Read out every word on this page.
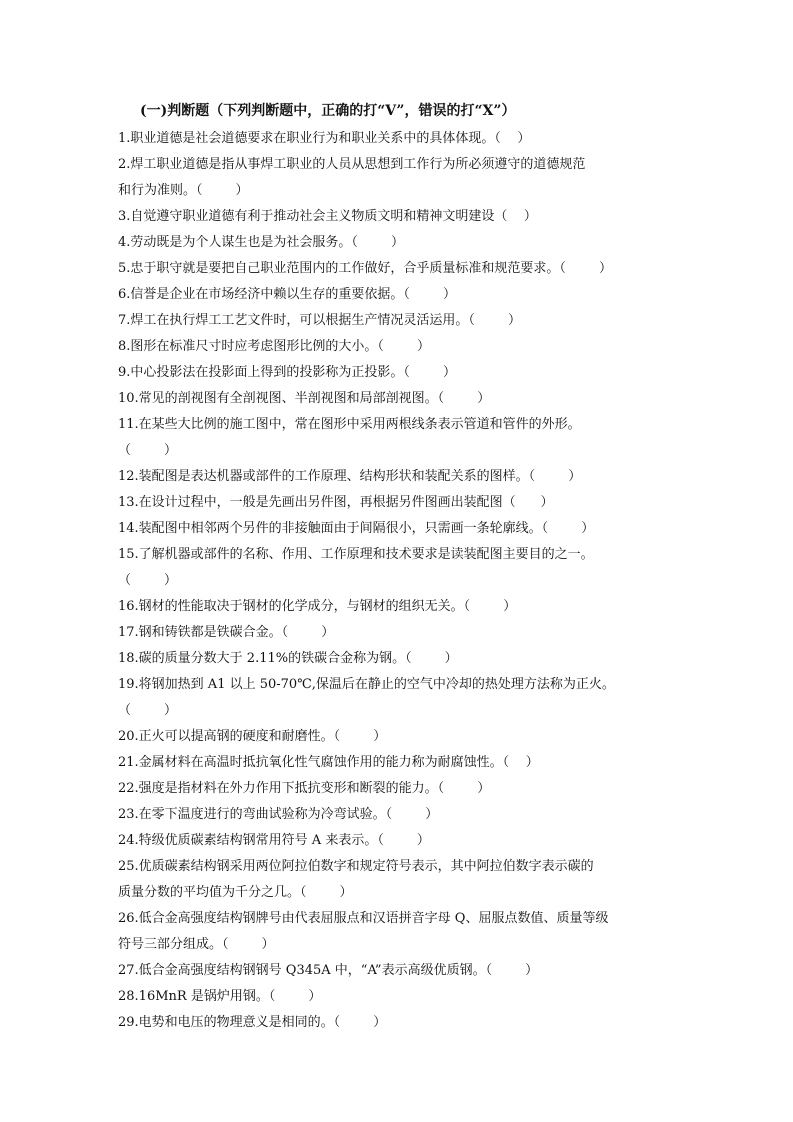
(一)判断题（下列判断题中，正确的打“V”，错误的打“X”）
1.职业道德是社会道德要求在职业行为和职业关系中的具体体现。（    ）
2.焊工职业道德是指从事焊工职业的人员从思想到工作行为所必须遵守的道德规范
和行为准则。（        ）
3.自觉遵守职业道德有利于推动社会主义物质文明和精神文明建设（    ）
4.劳动既是为个人谋生也是为社会服务。（        ）
5.忠于职守就是要把自己职业范围内的工作做好，合乎质量标准和规范要求。（        ）
6.信誉是企业在市场经济中赖以生存的重要依据。（        ）
7.焊工在执行焊工工艺文件时，可以根据生产情况灵活运用。（        ）
8.图形在标准尺寸时应考虑图形比例的大小。（        ）
9.中心投影法在投影面上得到的投影称为正投影。（        ）
10.常见的剖视图有全剖视图、半剖视图和局部剖视图。（        ）
11.在某些大比例的施工图中，常在图形中采用两根线条表示管道和管件的外形。
（        ）
12.装配图是表达机器或部件的工作原理、结构形状和装配关系的图样。（        ）
13.在设计过程中，一般是先画出另件图，再根据另件图画出装配图（      ）
14.装配图中相邻两个另件的非接触面由于间隔很小，只需画一条轮廓线。（        ）
15.了解机器或部件的名称、作用、工作原理和技术要求是读装配图主要目的之一。
（        ）
16.钢材的性能取决于钢材的化学成分，与钢材的组织无关。（        ）
17.钢和铸铁都是铁碳合金。（        ）
18.碳的质量分数大于 2.11%的铁碳合金称为钢。（        ）
19.将钢加热到 A1 以上 50-70℃,保温后在静止的空气中冷却的热处理方法称为正火。
（        ）
20.正火可以提高钢的硬度和耐磨性。（        ）
21.金属材料在高温时抵抗氧化性气腐蚀作用的能力称为耐腐蚀性。（    ）
22.强度是指材料在外力作用下抵抗变形和断裂的能力。（        ）
23.在零下温度进行的弯曲试验称为冷弯试验。（        ）
24.特级优质碳素结构钢常用符号 A 来表示。（        ）
25.优质碳素结构钢采用两位阿拉伯数字和规定符号表示，其中阿拉伯数字表示碳的
质量分数的平均值为千分之几。（        ）
26.低合金高强度结构钢牌号由代表屈服点和汉语拼音字母 Q、屈服点数值、质量等级
符号三部分组成。（        ）
27.低合金高强度结构钢钢号 Q345A 中，“A”表示高级优质钢。（        ）
28.16MnR 是锅炉用钢。（        ）
29.电势和电压的物理意义是相同的。（        ）
